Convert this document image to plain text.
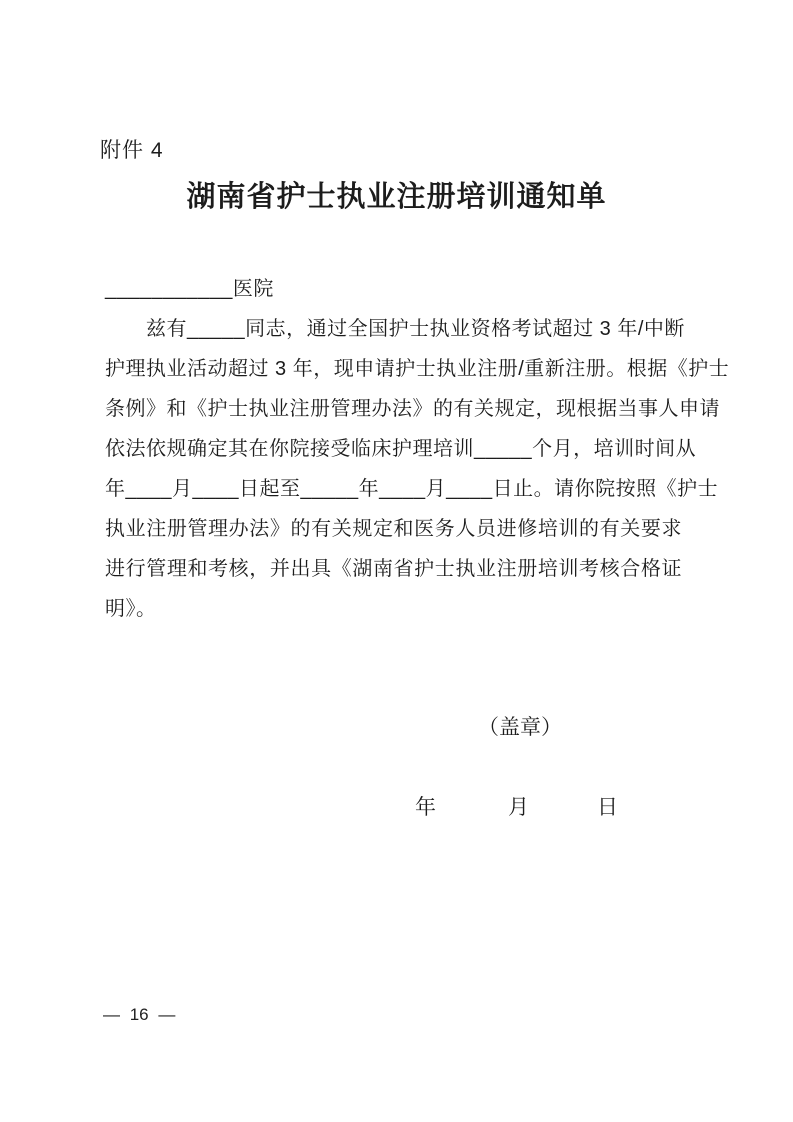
附件 4
湖南省护士执业注册培训通知单
___________医院
　　兹有_____同志，通过全国护士执业资格考试超过 3 年/中断
护理执业活动超过 3 年，现申请护士执业注册/重新注册。根据《护士
条例》和《护士执业注册管理办法》的有关规定，现根据当事人申请
依法依规确定其在你院接受临床护理培训_____个月，培训时间从
年____月____日起至_____年____月____日止。请你院按照《护士
执业注册管理办法》的有关规定和医务人员进修培训的有关要求
进行管理和考核，并出具《湖南省护士执业注册培训考核合格证
明》。
（盖章）
年	月	日
— 16 —
